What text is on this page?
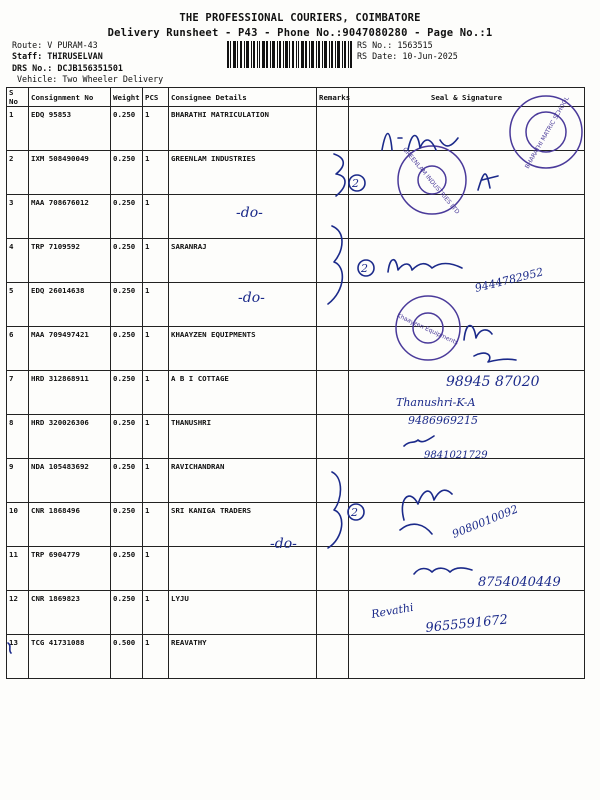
THE PROFESSIONAL COURIERS, COIMBATORE
Delivery Runsheet - P43 - Phone No.:9047080280 - Page No.:1
Route: V PURAM-43
Staff: THIRUSELVAN
DRS No.: DCJB156351501
Vehicle: Two Wheeler Delivery
RS No.: 1563515
RS Date: 10-Jun-2025
S No	Consignment No	Weight	PCS	Consignee Details	Remarks	Seal & Signature
1	EDQ 95853	0.250	1	BHARATHI MATRICULATION		
2	IXM 508490049	0.250	1	GREENLAM INDUSTRIES		
3	MAA 708676012	0.250	1			
4	TRP 7109592	0.250	1	SARANRAJ		
5	EDQ 26014638	0.250	1			
6	MAA 709497421	0.250	1	KHAAYZEN EQUIPMENTS		
7	HRD 312868911	0.250	1	A B I COTTAGE		
8	HRD 320026306	0.250	1	THANUSHRI		
9	NDA 105483692	0.250	1	RAVICHANDRAN		
10	CNR 1868496	0.250	1	SRI KANIGA TRADERS		
11	TRP 6904779	0.250	1			
12	CNR 1869823	0.250	1	LYJU		
13	TCG 41731088	0.500	1	REAVATHY		
BHARATHI MATRIC SCHOOL
GREENLAM INDUSTRIES LTD
Khaayzen Equipments
2
-do-
2	9444782952
-do-
98945 87020
Thanushri-K-A
9486969215
9841021729
2	9080010092
-do-
8754040449
Revathi
9655591672
